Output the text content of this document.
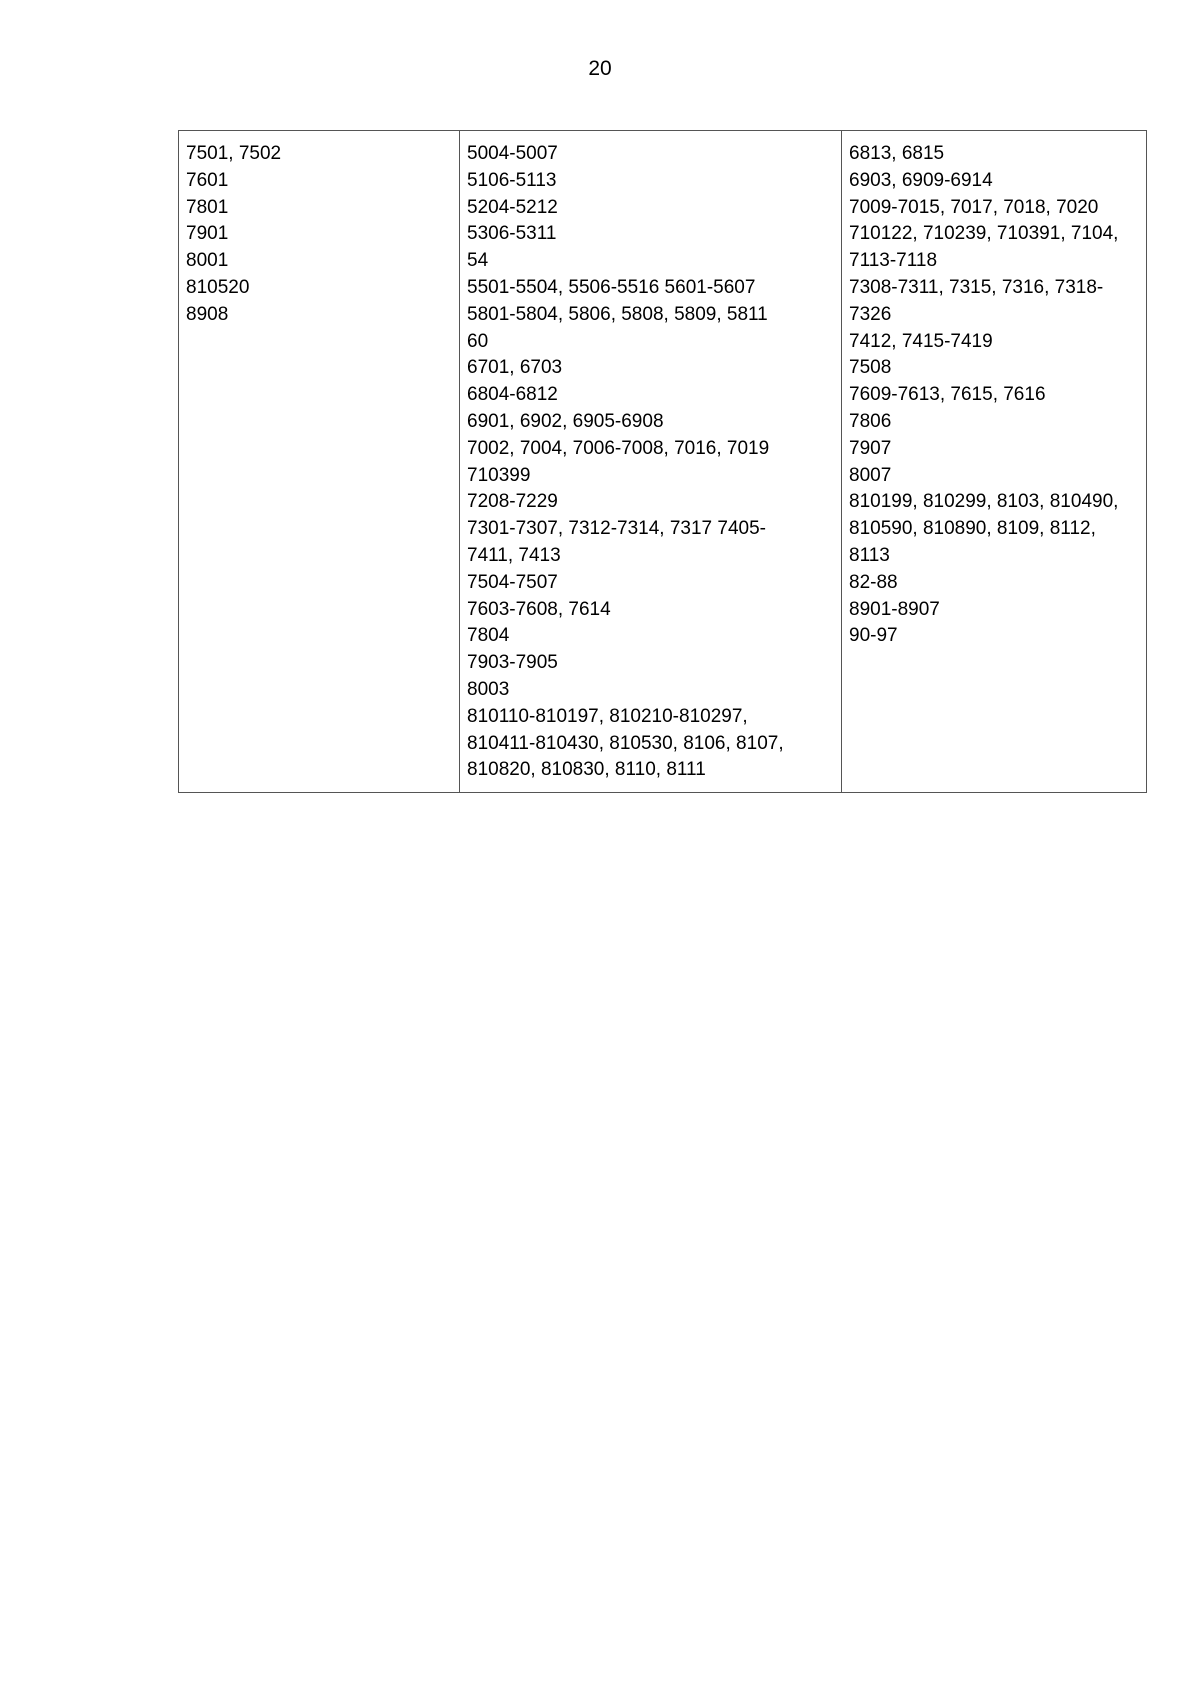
20
7501, 7502
7601
7801
7901
8001
810520
8908

5004-5007
5106-5113
5204-5212
5306-5311
54
5501-5504, 5506-5516 5601-5607
5801-5804, 5806, 5808, 5809, 5811
60
6701, 6703
6804-6812
6901, 6902, 6905-6908
7002, 7004, 7006-7008, 7016, 7019
710399
7208-7229
7301-7307, 7312-7314, 7317 7405-
7411, 7413
7504-7507
7603-7608, 7614
7804
7903-7905
8003
810110-810197, 810210-810297,
810411-810430, 810530, 8106, 8107,
810820, 810830, 8110, 8111

6813, 6815
6903, 6909-6914
7009-7015, 7017, 7018, 7020
710122, 710239, 710391, 7104,
7113-7118
7308-7311, 7315, 7316, 7318-
7326
7412, 7415-7419
7508
7609-7613, 7615, 7616
7806
7907
8007
810199, 810299, 8103, 810490,
810590, 810890, 8109, 8112,
8113
82-88
8901-8907
90-97
